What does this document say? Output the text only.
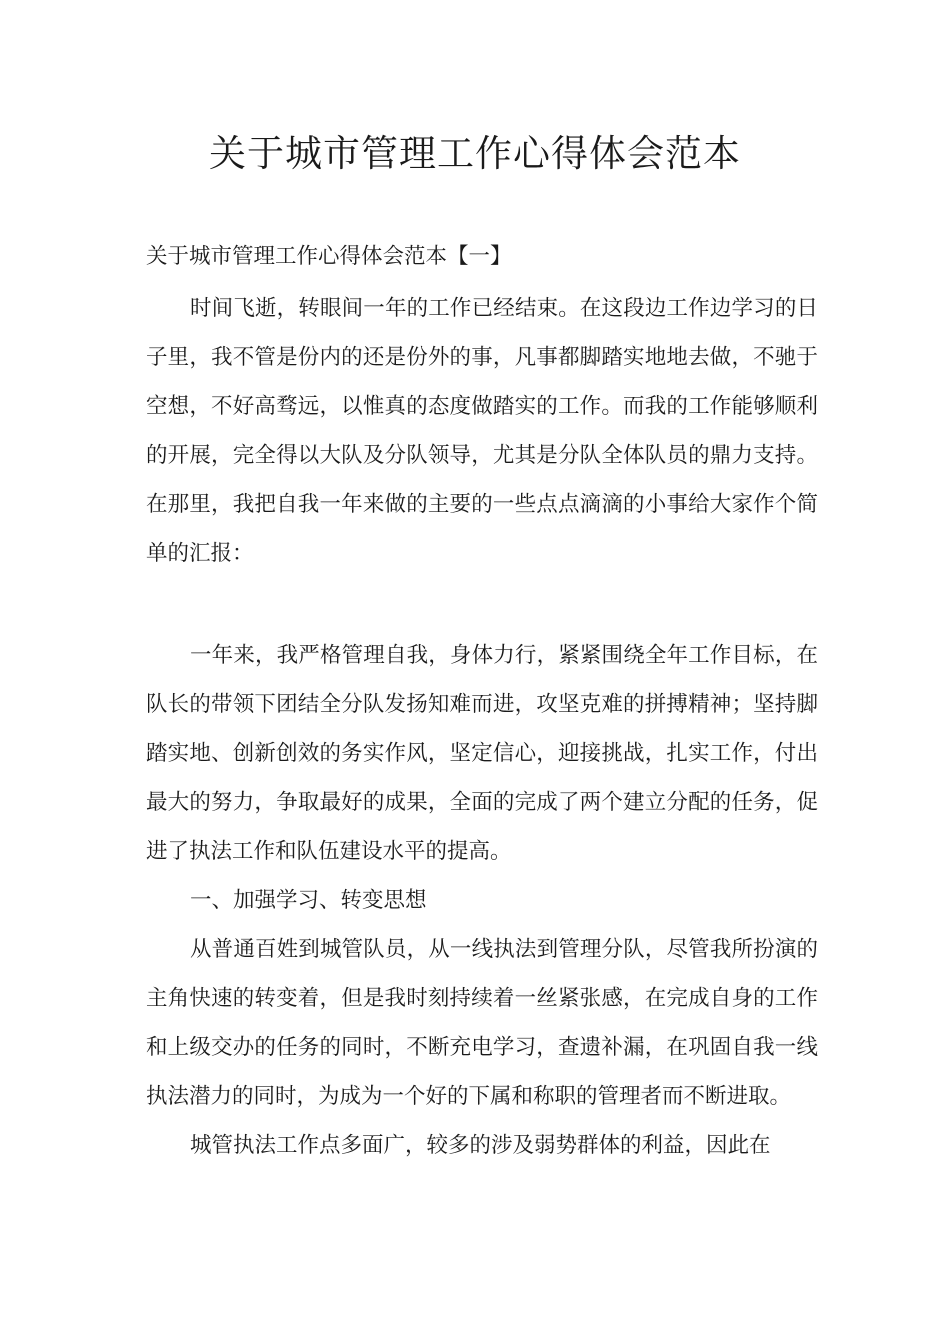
关于城市管理工作心得体会范本

关于城市管理工作心得体会范本【一】

时间飞逝，转眼间一年的工作已经结束。在这段边工作边学习的日子里，我不管是份内的还是份外的事，凡事都脚踏实地地去做，不驰于空想，不好高骛远，以惟真的态度做踏实的工作。而我的工作能够顺利的开展，完全得以大队及分队领导，尤其是分队全体队员的鼎力支持。在那里，我把自我一年来做的主要的一些点点滴滴的小事给大家作个简单的汇报：

一年来，我严格管理自我，身体力行，紧紧围绕全年工作目标，在队长的带领下团结全分队发扬知难而进，攻坚克难的拼搏精神；坚持脚踏实地、创新创效的务实作风，坚定信心，迎接挑战，扎实工作，付出最大的努力，争取最好的成果，全面的完成了两个建立分配的任务，促进了执法工作和队伍建设水平的提高。

一、加强学习、转变思想

从普通百姓到城管队员，从一线执法到管理分队，尽管我所扮演的主角快速的转变着，但是我时刻持续着一丝紧张感，在完成自身的工作和上级交办的任务的同时，不断充电学习，查遗补漏，在巩固自我一线执法潜力的同时，为成为一个好的下属和称职的管理者而不断进取。

城管执法工作点多面广，较多的涉及弱势群体的利益，因此在
